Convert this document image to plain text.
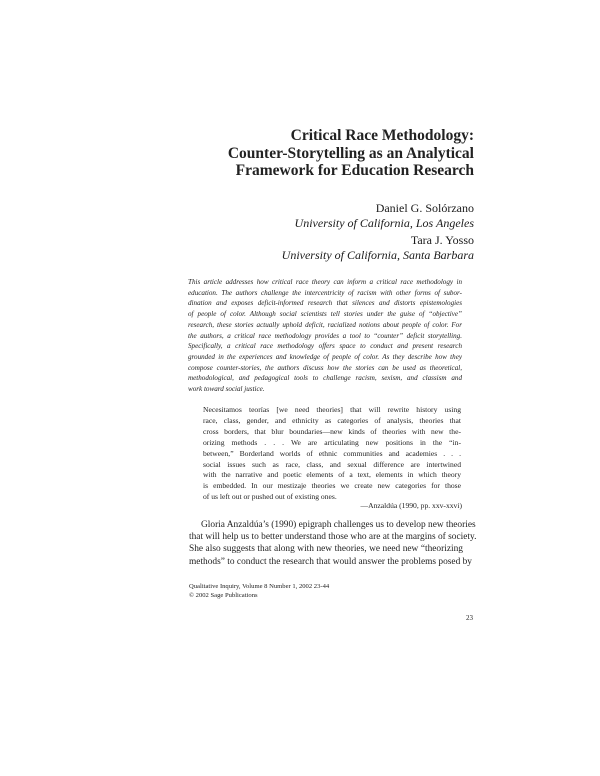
Critical Race Methodology:
Counter-Storytelling as an Analytical
Framework for Education Research
Daniel G. Solórzano
University of California, Los Angeles
Tara J. Yosso
University of California, Santa Barbara
This article addresses how critical race theory can inform a critical race methodology in
education. The authors challenge the intercentricity of racism with other forms of subor-
dination and exposes deficit-informed research that silences and distorts epistemologies
of people of color. Although social scientists tell stories under the guise of “objective”
research, these stories actually uphold deficit, racialized notions about people of color. For
the authors, a critical race methodology provides a tool to “counter” deficit storytelling.
Specifically, a critical race methodology offers space to conduct and present research
grounded in the experiences and knowledge of people of color. As they describe how they
compose counter-stories, the authors discuss how the stories can be used as theoretical,
methodological, and pedagogical tools to challenge racism, sexism, and classism and
work toward social justice.
Necesitamos teorías [we need theories] that will rewrite history using
race, class, gender, and ethnicity as categories of analysis, theories that
cross borders, that blur boundaries—new kinds of theories with new the-
orizing methods . . . We are articulating new positions in the “in-
between,” Borderland worlds of ethnic communities and academies . . .
social issues such as race, class, and sexual difference are intertwined
with the narrative and poetic elements of a text, elements in which theory
is embedded. In our mestizaje theories we create new categories for those
of us left out or pushed out of existing ones.
—Anzaldúa (1990, pp. xxv-xxvi)
Gloria Anzaldúa’s (1990) epigraph challenges us to develop new theories
that will help us to better understand those who are at the margins of society.
She also suggests that along with new theories, we need new “theorizing
methods” to conduct the research that would answer the problems posed by
Qualitative Inquiry, Volume 8 Number 1, 2002 23-44
© 2002 Sage Publications
23
